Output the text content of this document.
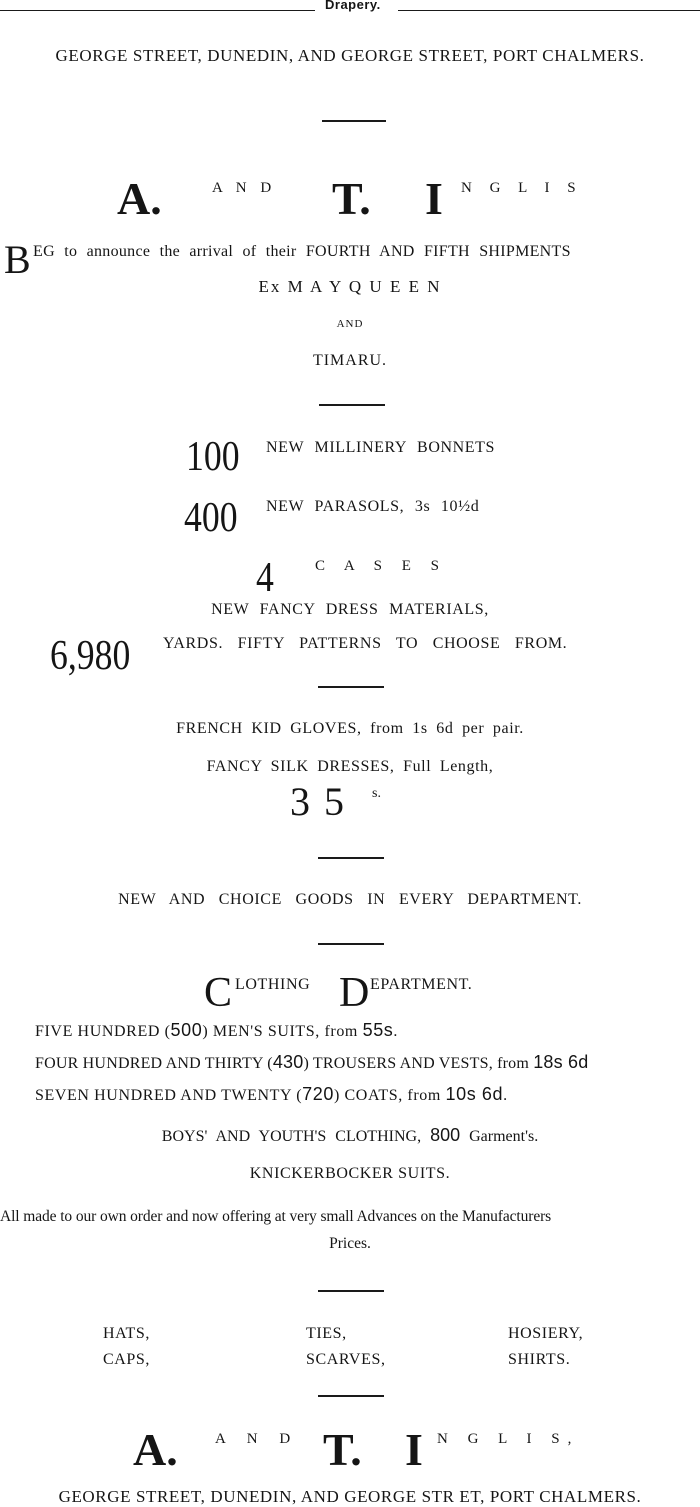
Drapery.
GEORGE STREET, DUNEDIN, AND GEORGE STREET, PORT CHALMERS.
A.	A N D T. I N G L I S
B EG to announce the arrival of their FOURTH AND FIFTH SHIPMENTS
Ex M A Y Q U E E N
AND
TIMARU.
100 NEW MILLINERY BONNETS
400 NEW PARASOLS, 3s 10½d
4	C A S E S
NEW FANCY DRESS MATERIALS,
6,980 YARDS. FIFTY PATTERNS TO CHOOSE FROM.
FRENCH KID GLOVES, from 1s 6d per pair.
FANCY SILK DRESSES, Full Length,
3 5 s.
NEW AND CHOICE GOODS IN EVERY DEPARTMENT.
C LOTHING D EPARTMENT.
FIVE HUNDRED (500) MEN'S SUITS, from 55s.
FOUR HUNDRED AND THIRTY (430) TROUSERS AND VESTS, from 18s 6d
SEVEN HUNDRED AND TWENTY (720) COATS, from 10s 6d.
BOYS' AND YOUTH'S CLOTHING, 800 Garment's.
KNICKERBOCKER SUITS.
All made to our own order and now offering at very small Advances on the Manufacturers
Prices.
HATS,
CAPS,
TIES,
SCARVES,
HOSIERY,
SHIRTS.
A. A N D T. I N G L I S,
GEORGE STREET, DUNEDIN, AND GEORGE STR ET, PORT CHALMERS.
